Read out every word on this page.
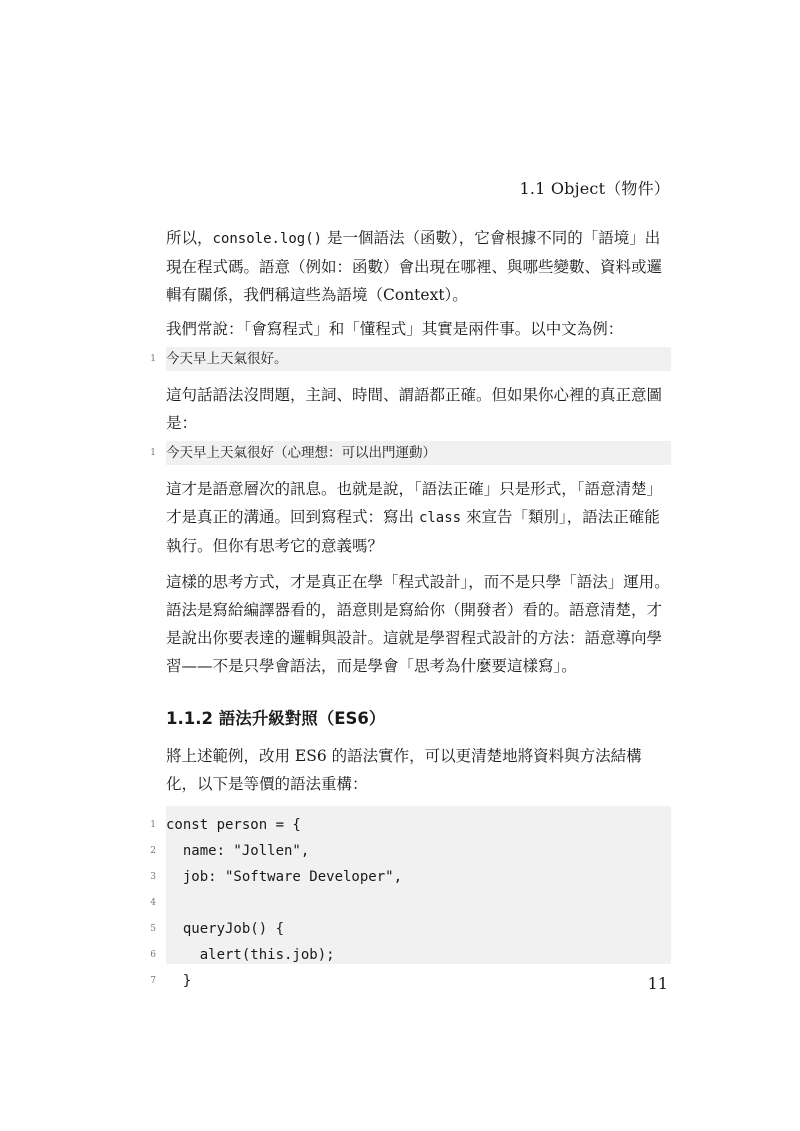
1.1 Object（物件）

所以，console.log() 是一個語法（函數），它會根據不同的「語境」出現在程式碼。語意（例如：函數）會出現在哪裡、與哪些變數、資料或邏輯有關係，我們稱這些為語境（Context）。

我們常說：「會寫程式」和「懂程式」其實是兩件事。以中文為例：

1 今天早上天氣很好。

這句話語法沒問題，主詞、時間、謂語都正確。但如果你心裡的真正意圖是：

1 今天早上天氣很好（心理想：可以出門運動）

這才是語意層次的訊息。也就是說，「語法正確」只是形式，「語意清楚」才是真正的溝通。回到寫程式：寫出 class 來宣告「類別」，語法正確能執行。但你有思考它的意義嗎？

這樣的思考方式，才是真正在學「程式設計」，而不是只學「語法」運用。語法是寫給編譯器看的，語意則是寫給你（開發者）看的。語意清楚，才是說出你要表達的邏輯與設計。這就是學習程式設計的方法：語意導向學習——不是只學會語法，而是學會「思考為什麼要這樣寫」。

1.1.2 語法升級對照（ES6）

將上述範例，改用 ES6 的語法實作，可以更清楚地將資料與方法結構化，以下是等價的語法重構：

1 const person = {
2 name: "Jollen",
3 job: "Software Developer",
4
5 queryJob() {
6 alert(this.job);
7 }	11
